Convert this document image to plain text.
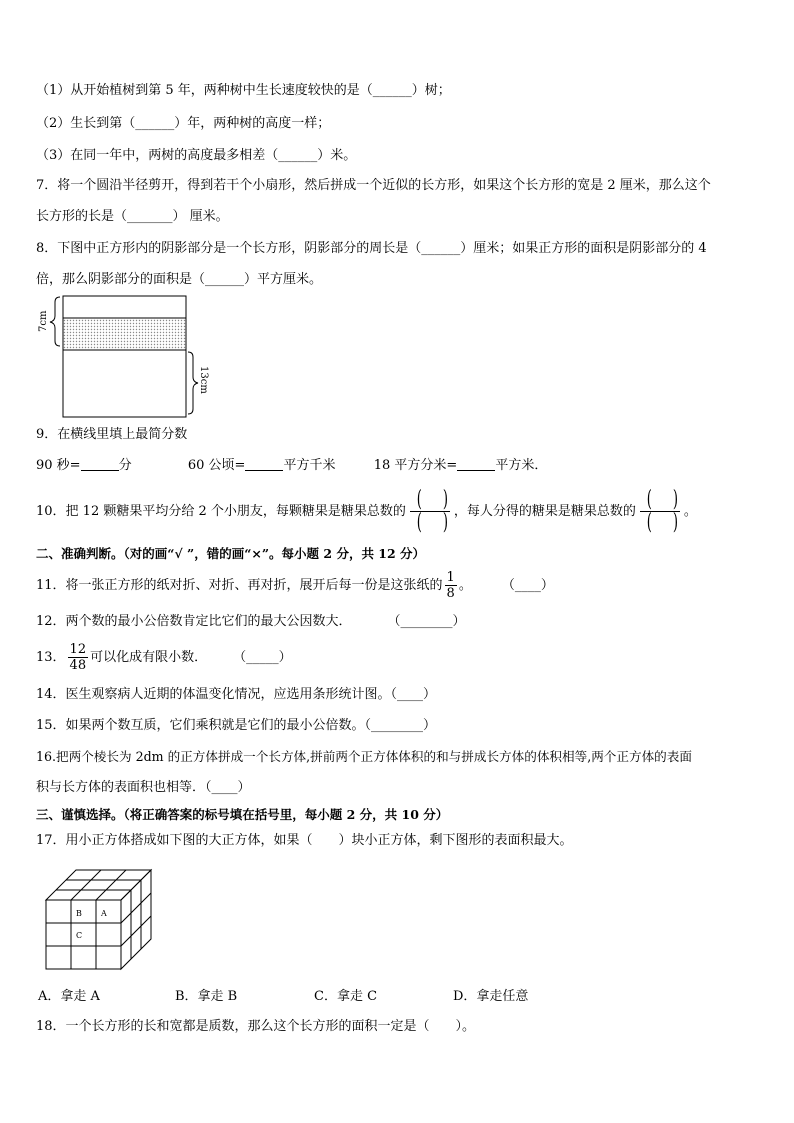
（1）从开始植树到第 5 年，两种树中生长速度较快的是（______）树；
（2）生长到第（______）年，两种树的高度一样；
（3）在同一年中，两树的高度最多相差（______）米。
7．将一个圆沿半径剪开，得到若干个小扇形，然后拼成一个近似的长方形，如果这个长方形的宽是 2 厘米，那么这个
长方形的长是（_______） 厘米。
8．下图中正方形内的阴影部分是一个长方形，阴影部分的周长是（______）厘米；如果正方形的面积是阴影部分的 4
倍，那么阴影部分的面积是（______）平方厘米。
7cm
13cm
9．在横线里填上最简分数
90 秒=	分	60 公顷=	平方千米	18 平方分米=	平方米．
10．把 12 颗糖果平均分给 2 个小朋友，每颗糖果是糖果总数的 (     )
(     ) ，每人分得的糖果是糖果总数的 (     )
(     ) 。
二、准确判断。（对的画“√ ”，错的画“×”。每小题 2 分，共 12 分）
11．将一张正方形的纸对折、对折、再对折，展开后每一份是这张纸的 $\frac{1}{8}$ 。 （____）
12．两个数的最小公倍数肯定比它们的最大公因数大．	（________）
13． $\frac{12}{48}$ 可以化成有限小数． （_____）
14．医生观察病人近期的体温变化情况，应选用条形统计图。（____）
15．如果两个数互质，它们乘积就是它们的最小公倍数。（________）
16.把两个棱长为 2dm 的正方体拼成一个长方体,拼前两个正方体体积的和与拼成长方体的体积相等,两个正方体的表面
积与长方体的表面积也相等．（____）
三、谨慎选择。（将正确答案的标号填在括号里，每小题 2 分，共 10 分）
17．用小正方体搭成如下图的大正方体，如果（　　）块小正方体，剩下图形的表面积最大。
B A
C
A．拿走 A	B．拿走 B	C．拿走 C	D．拿走任意
18．一个长方形的长和宽都是质数，那么这个长方形的面积一定是（　　）。
